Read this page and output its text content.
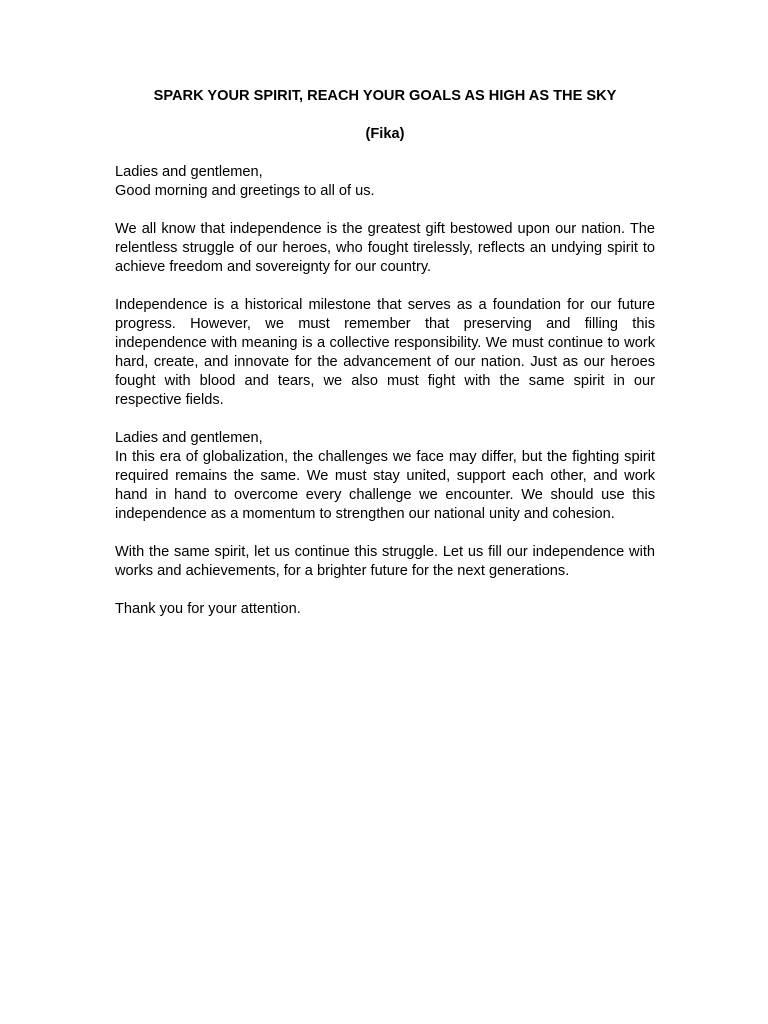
SPARK YOUR SPIRIT, REACH YOUR GOALS AS HIGH AS THE SKY

(Fika)

Ladies and gentlemen,
Good morning and greetings to all of us.

We all know that independence is the greatest gift bestowed upon our nation. The relentless struggle of our heroes, who fought tirelessly, reflects an undying spirit to achieve freedom and sovereignty for our country.

Independence is a historical milestone that serves as a foundation for our future progress. However, we must remember that preserving and filling this independence with meaning is a collective responsibility. We must continue to work hard, create, and innovate for the advancement of our nation. Just as our heroes fought with blood and tears, we also must fight with the same spirit in our respective fields.

Ladies and gentlemen,
In this era of globalization, the challenges we face may differ, but the fighting spirit required remains the same. We must stay united, support each other, and work hand in hand to overcome every challenge we encounter. We should use this independence as a momentum to strengthen our national unity and cohesion.

With the same spirit, let us continue this struggle. Let us fill our independence with works and achievements, for a brighter future for the next generations.

Thank you for your attention.
